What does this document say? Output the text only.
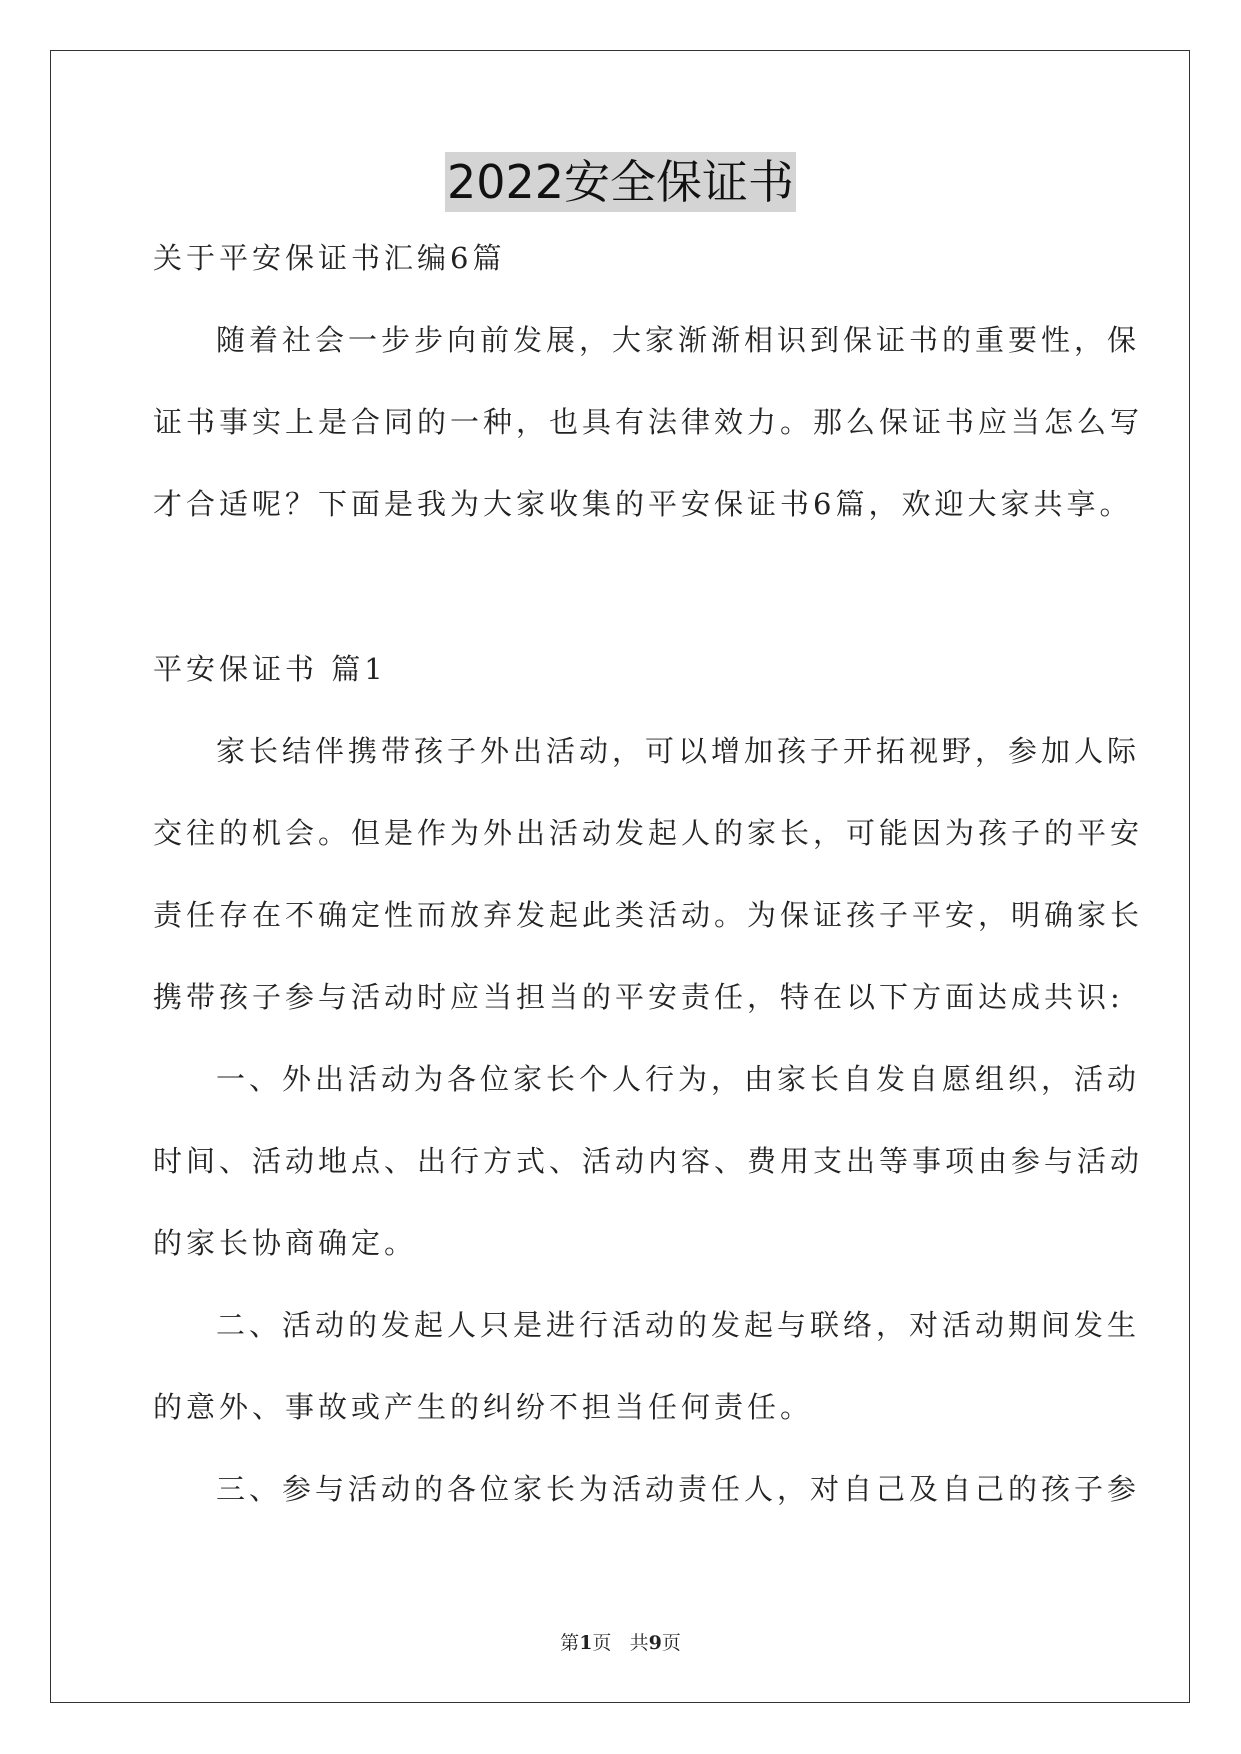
2022安全保证书
关于平安保证书汇编6篇
随着社会一步步向前发展，大家渐渐相识到保证书的重要性，保
证书事实上是合同的一种，也具有法律效力。那么保证书应当怎么写
才合适呢？下面是我为大家收集的平安保证书6篇，欢迎大家共享。
平安保证书 篇1
家长结伴携带孩子外出活动，可以增加孩子开拓视野，参加人际
交往的机会。但是作为外出活动发起人的家长，可能因为孩子的平安
责任存在不确定性而放弃发起此类活动。为保证孩子平安，明确家长
携带孩子参与活动时应当担当的平安责任，特在以下方面达成共识:
一、外出活动为各位家长个人行为，由家长自发自愿组织，活动
时间、活动地点、出行方式、活动内容、费用支出等事项由参与活动
的家长协商确定。
二、活动的发起人只是进行活动的发起与联络，对活动期间发生
的意外、事故或产生的纠纷不担当任何责任。
三、参与活动的各位家长为活动责任人，对自己及自己的孩子参
第1页 共9页
